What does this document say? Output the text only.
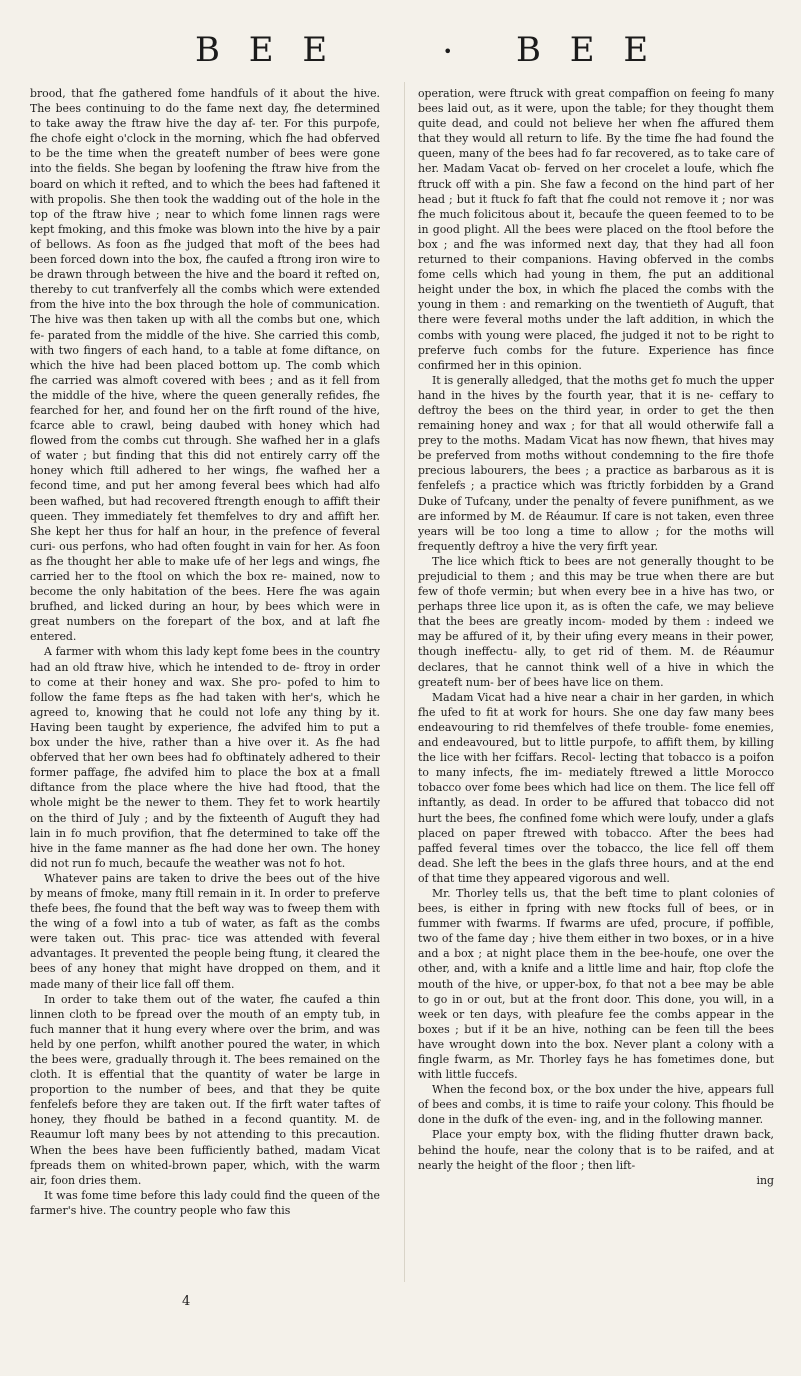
B E E	• B E E

brood, that fhe gathered fome handfuls of it about the hive. The bees continuing to do the fame next day, fhe determined to take away the ftraw hive the day af- ter. For this purpofe, fhe chofe eight o'clock in the morning, which fhe had obferved to be the time when the greateft number of bees were gone into the fields. She began by loofening the ftraw hive from the board on which it refted, and to which the bees had faftened it with propolis. She then took the wadding out of the hole in the top of the ftraw hive ; near to which fome linnen rags were kept fmoking, and this fmoke was blown into the hive by a pair of bellows. As foon as fhe judged that moft of the bees had been forced down into the box, fhe caufed a ftrong iron wire to be drawn through between the hive and the board it refted on, thereby to cut tranfverfely all the combs which were extended from the hive into the box through the hole of communication. The hive was then taken up with all the combs but one, which fe- parated from the middle of the hive. She carried this comb, with two fingers of each hand, to a table at fome diftance, on which the hive had been placed bottom up. The comb which fhe carried was almoft covered with bees ; and as it fell from the middle of the hive, where the queen generally refides, fhe fearched for her, and found her on the firft round of the hive, fcarce able to crawl, being daubed with honey which had flowed from the combs cut through. She wafhed her in a glafs of water ; but finding that this did not entirely carry off the honey which ftill adhered to her wings, fhe wafhed her a fecond time, and put her among feveral bees which had alfo been wafhed, but had recovered ftrength enough to affift their queen. They immediately fet themfelves to dry and affift her. She kept her thus for half an hour, in the prefence of feveral curi- ous perfons, who had often fought in vain for her. As foon as fhe thought her able to make ufe of her legs and wings, fhe carried her to the ftool on which the box re- mained, now to become the only habitation of the bees. Here fhe was again brufhed, and licked during an hour, by bees which were in great numbers on the forepart of the box, and at laft fhe entered.

A farmer with whom this lady kept fome bees in the country had an old ftraw hive, which he intended to de- ftroy in order to come at their honey and wax. She pro- pofed to him to follow the fame fteps as fhe had taken with her's, which he agreed to, knowing that he could not lofe any thing by it. Having been taught by experience, fhe advifed him to put a box under the hive, rather than a hive over it. As fhe had obferved that her own bees had fo obftinately adhered to their former paffage, fhe advifed him to place the box at a fmall diftance from the place where the hive had ftood, that the whole might be the newer to them. They fet to work heartily on the third of July ; and by the fixteenth of Auguft they had lain in fo much provifion, that fhe determined to take off the hive in the fame manner as fhe had done her own. The honey did not run fo much, becaufe the weather was not fo hot.

Whatever pains are taken to drive the bees out of the hive by means of fmoke, many ftill remain in it. In order to preferve thefe bees, fhe found that the beft way was to fweep them with the wing of a fowl into a tub of water, as faft as the combs were taken out. This prac- tice was attended with feveral advantages. It prevented the people being ftung, it cleared the bees of any honey that might have dropped on them, and it made many of their lice fall off them.

In order to take them out of the water, fhe caufed a thin linnen cloth to be fpread over the mouth of an empty tub, in fuch manner that it hung every where over the brim, and was held by one perfon, whilft another poured the water, in which the bees were, gradually through it. The bees remained on the cloth. It is effential that the quantity of water be large in proportion to the number of bees, and that they be quite fenfelefs before they are taken out. If the firft water taftes of honey, they fhould be bathed in a fecond quantity. M. de Reaumur loft many bees by not attending to this precaution. When the bees have been fufficiently bathed, madam Vicat fpreads them on whited-brown paper, which, with the warm air, foon dries them.

It was fome time before this lady could find the queen of the farmer's hive. The country people who faw this

operation, were ftruck with great compaffion on feeing fo many bees laid out, as it were, upon the table; for they thought them quite dead, and could not believe her when fhe affured them that they would all return to life. By the time fhe had found the queen, many of the bees had fo far recovered, as to take care of her. Madam Vacat ob- ferved on her crocelet a loufe, which fhe ftruck off with a pin. She faw a fecond on the hind part of her head ; but it ftuck fo faft that fhe could not remove it ; nor was fhe much folicitous about it, becaufe the queen feemed to to be in good plight. All the bees were placed on the ftool before the box ; and fhe was informed next day, that they had all foon returned to their companions. Having obferved in the combs fome cells which had young in them, fhe put an additional height under the box, in which fhe placed the combs with the young in them : and remarking on the twentieth of Auguft, that there were feveral moths under the laft addition, in which the combs with young were placed, fhe judged it not to be right to preferve fuch combs for the future. Experience has fince confirmed her in this opinion.

It is generally alledged, that the moths get fo much the upper hand in the hives by the fourth year, that it is ne- ceffary to deftroy the bees on the third year, in order to get the then remaining honey and wax ; for that all would otherwife fall a prey to the moths. Madam Vicat has now fhewn, that hives may be preferved from moths without condemning to the fire thofe precious labourers, the bees ; a practice as barbarous as it is fenfelefs ; a practice which was ftrictly forbidden by a Grand Duke of Tufcany, under the penalty of fevere punifhment, as we are informed by M. de Réaumur. If care is not taken, even three years will be too long a time to allow ; for the moths will frequently deftroy a hive the very firft year.

The lice which ftick to bees are not generally thought to be prejudicial to them ; and this may be true when there are but few of thofe vermin; but when every bee in a hive has two, or perhaps three lice upon it, as is often the cafe, we may believe that the bees are greatly incom- moded by them : indeed we may be affured of it, by their ufing every means in their power, though ineffectu- ally, to get rid of them. M. de Réaumur declares, that he cannot think well of a hive in which the greateft num- ber of bees have lice on them.

Madam Vicat had a hive near a chair in her garden, in which fhe ufed to fit at work for hours. She one day faw many bees endeavouring to rid themfelves of thefe trouble- fome enemies, and endeavoured, but to little purpofe, to affift them, by killing the lice with her fciffars. Recol- lecting that tobacco is a poifon to many infects, fhe im- mediately ftrewed a little Morocco tobacco over fome bees which had lice on them. The lice fell off inftantly, as dead. In order to be affured that tobacco did not hurt the bees, fhe confined fome which were loufy, under a glafs placed on paper ftrewed with tobacco. After the bees had paffed feveral times over the tobacco, the lice fell off them dead. She left the bees in the glafs three hours, and at the end of that time they appeared vigorous and well.

Mr. Thorley tells us, that the beft time to plant colonies of bees, is either in fpring with new ftocks full of bees, or in fummer with fwarms. If fwarms are ufed, procure, if poffible, two of the fame day ; hive them either in two boxes, or in a hive and a box ; at night place them in the bee-houfe, one over the other, and, with a knife and a little lime and hair, ftop clofe the mouth of the hive, or upper-box, fo that not a bee may be able to go in or out, but at the front door. This done, you will, in a week or ten days, with pleafure fee the combs appear in the boxes ; but if it be an hive, nothing can be feen till the bees have wrought down into the box. Never plant a colony with a fingle fwarm, as Mr. Thorley fays he has fometimes done, but with little fuccefs.

When the fecond box, or the box under the hive, appears full of bees and combs, it is time to raife your colony. This fhould be done in the dufk of the even- ing, and in the following manner.

Place your empty box, with the fliding fhutter drawn back, behind the houfe, near the colony that is to be raifed, and at nearly the height of the floor ; then lift-

ing

4
